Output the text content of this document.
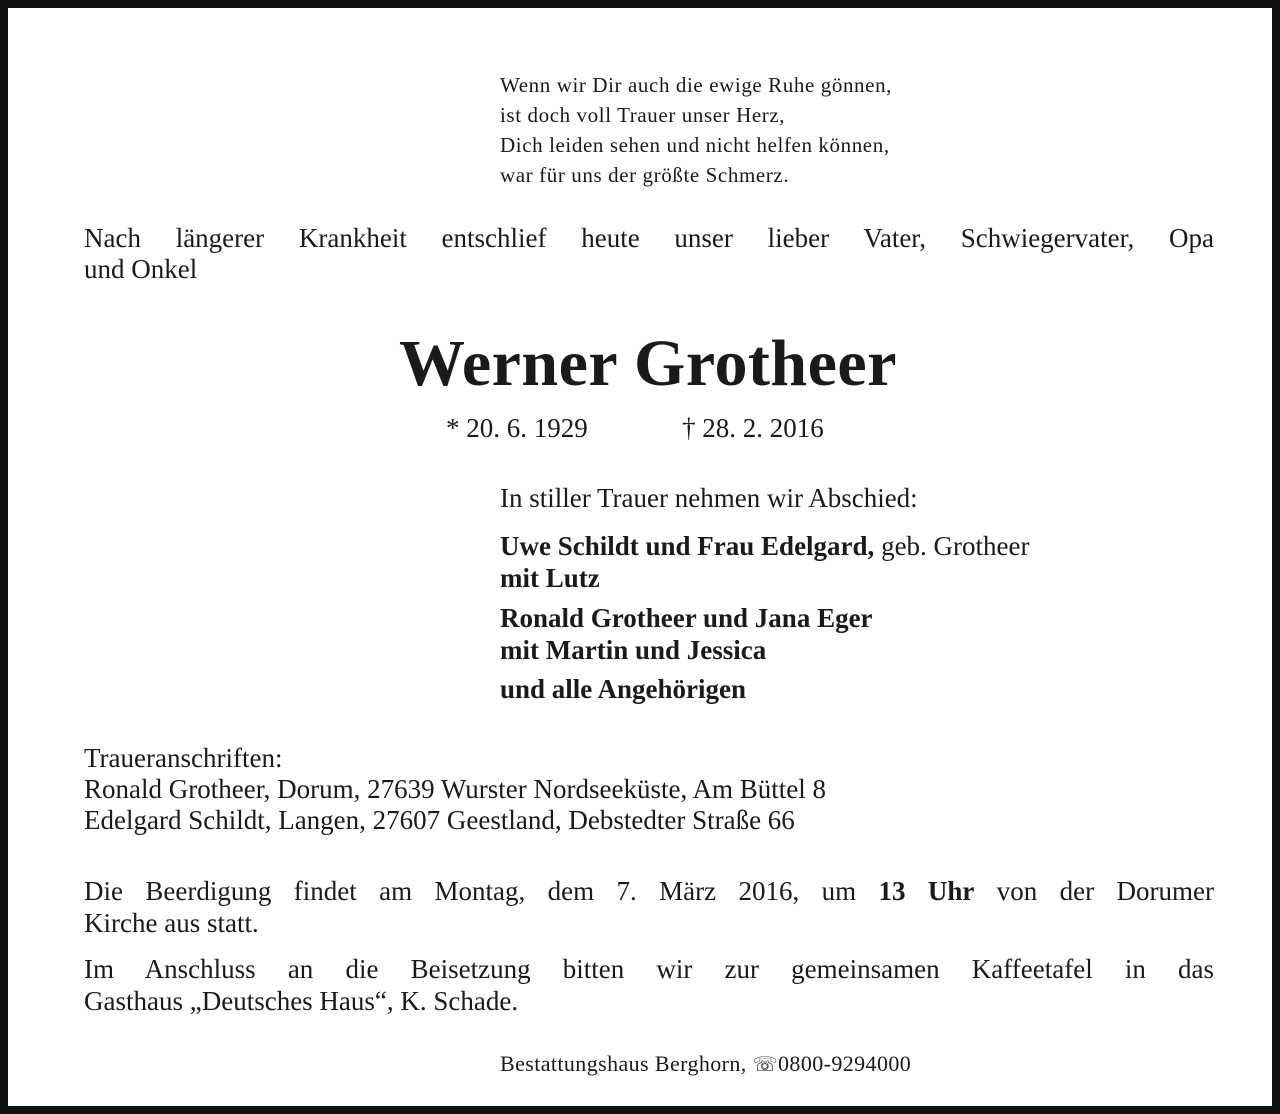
Wenn wir Dir auch die ewige Ruhe gönnen,
ist doch voll Trauer unser Herz,
Dich leiden sehen und nicht helfen können,
war für uns der größte Schmerz.
Nach längerer Krankheit entschlief heute unser lieber Vater, Schwiegervater, Opa
und Onkel
Werner Grotheer
* 20. 6. 1929	† 28. 2. 2016
In stiller Trauer nehmen wir Abschied:
Uwe Schildt und Frau Edelgard, geb. Grotheer
mit Lutz
Ronald Grotheer und Jana Eger
mit Martin und Jessica
und alle Angehörigen
Traueranschriften:
Ronald Grotheer, Dorum, 27639 Wurster Nordseeküste, Am Büttel 8
Edelgard Schildt, Langen, 27607 Geestland, Debstedter Straße 66
Die Beerdigung findet am Montag, dem 7. März 2016, um 13 Uhr von der Dorumer
Kirche aus statt.
Im Anschluss an die Beisetzung bitten wir zur gemeinsamen Kaffeetafel in das
Gasthaus „Deutsches Haus“, K. Schade.
Bestattungshaus Berghorn, ☏0800-9294000
